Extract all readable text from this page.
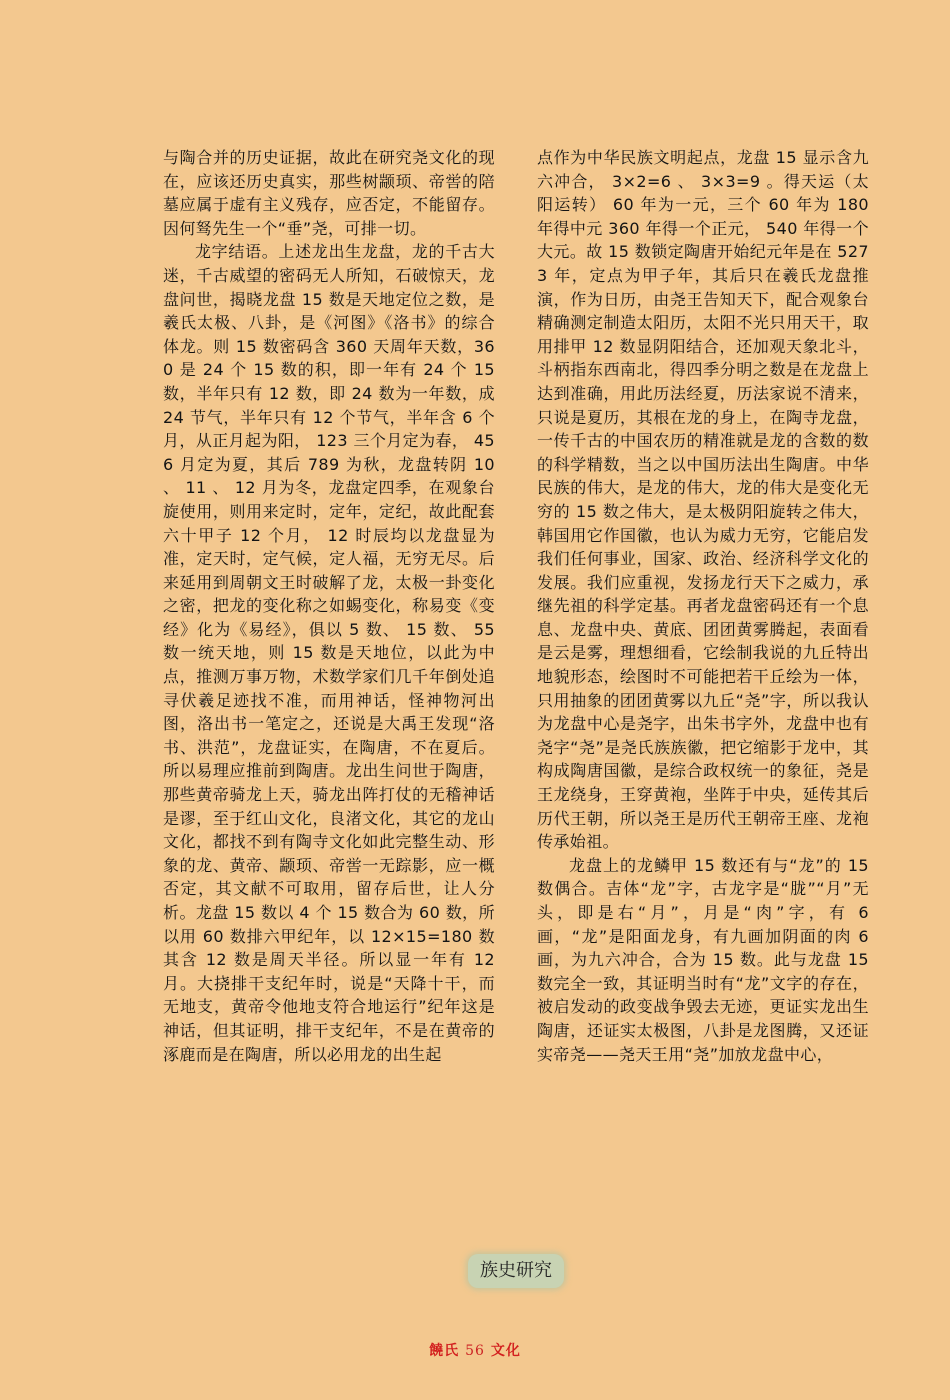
与陶合并的历史证据，故此在研究尧文化的现在，应该还历史真实，那些树颛顼、帝喾的陪墓应属于虚有主义残存，应否定，不能留存。因何驽先生一个“垂”尧，可排一切。

龙字结语。上述龙出生龙盘，龙的千古大迷，千古威望的密码无人所知，石破惊天，龙盘问世，揭晓龙盘 15 数是天地定位之数，是羲氏太极、八卦，是《河图》《洛书》的综合体龙。则 15 数密码含 360 天周年天数，360 是 24 个 15 数的积，即一年有 24 个 15 数，半年只有 12 数，即 24 数为一年数，成 24 节气，半年只有 12 个节气，半年含 6 个月，从正月起为阳， 123 三个月定为春， 456 月定为夏，其后 789 为秋，龙盘转阴 10 、 11 、 12 月为冬，龙盘定四季，在观象台旋使用，则用来定时，定年，定纪，故此配套六十甲子 12 个月， 12 时辰均以龙盘显为准，定天时，定气候，定人福，无穷无尽。后来延用到周朝文王时破解了龙，太极一卦变化之密，把龙的变化称之如蜴变化，称易变《变经》化为《易经》，俱以 5 数、 15 数、 55 数一统天地，则 15 数是天地位，以此为中点，推测万事万物，术数学家们几千年倒处追寻伏羲足迹找不准，而用神话，怪神物河出图，洛出书一笔定之，还说是大禹王发现“洛书、洪范”，龙盘证实，在陶唐，不在夏后。所以易理应推前到陶唐。龙出生问世于陶唐，那些黄帝骑龙上天，骑龙出阵打仗的无稽神话是谬，至于红山文化，良渚文化，其它的龙山文化，都找不到有陶寺文化如此完整生动、形象的龙、黄帝、颛顼、帝喾一无踪影，应一概否定，其文献不可取用，留存后世，让人分析。龙盘 15 数以 4 个 15 数合为 60 数，所以用 60 数排六甲纪年，以 12×15=180 数其含 12 数是周天半径。所以显一年有 12 月。大挠排干支纪年时，说是“天降十干，而无地支，黄帝令他地支符合地运行”纪年这是神话，但其证明，排干支纪年，不是在黄帝的涿鹿而是在陶唐，所以必用龙的出生起

点作为中华民族文明起点，龙盘 15 显示含九六冲合， 3×2=6 、 3×3=9 。得天运（太阳运转） 60 年为一元，三个 60 年为 180 年得中元 360 年得一个正元， 540 年得一个大元。故 15 数锁定陶唐开始纪元年是在 5273 年，定点为甲子年，其后只在羲氏龙盘推演，作为日历，由尧王告知天下，配合观象台精确测定制造太阳历，太阳不光只用天干，取用排甲 12 数显阴阳结合，还加观天象北斗，斗柄指东西南北，得四季分明之数是在龙盘上达到准确，用此历法经夏，历法家说不清来，只说是夏历，其根在龙的身上，在陶寺龙盘，一传千古的中国农历的精准就是龙的含数的数的科学精数，当之以中国历法出生陶唐。中华民族的伟大，是龙的伟大，龙的伟大是变化无穷的 15 数之伟大，是太极阴阳旋转之伟大，韩国用它作国徽，也认为威力无穷，它能启发我们任何事业，国家、政治、经济科学文化的发展。我们应重视，发扬龙行天下之威力，承继先祖的科学定基。再者龙盘密码还有一个息息、龙盘中央、黄底、团团黄雾腾起，表面看是云是雾，理想细看，它绘制我说的九丘特出地貌形态，绘图时不可能把若干丘绘为一体，只用抽象的团团黄雾以九丘“尧”字，所以我认为龙盘中心是尧字，出朱书字外，龙盘中也有尧字“尧”是尧氏族族徽，把它缩影于龙中，其构成陶唐国徽，是综合政权统一的象征，尧是王龙绕身，王穿黄袍，坐阵于中央，延传其后历代王朝，所以尧王是历代王朝帝王座、龙袍传承始祖。

龙盘上的龙鳞甲 15 数还有与“龙”的 15 数偶合。吉体“龙”字，古龙字是“胧”“月”无头，即是右“月”，月是“肉”字，有 6 画，“龙”是阳面龙身，有九画加阴面的肉 6 画，为九六冲合，合为 15 数。此与龙盘 15 数完全一致，其证明当时有“龙”文字的存在，被启发动的政变战争毁去无迹，更证实龙出生陶唐，还证实太极图，八卦是龙图腾，又还证实帝尧——尧天王用“尧”加放龙盘中心，

族史研究
饒氏 56 文化
